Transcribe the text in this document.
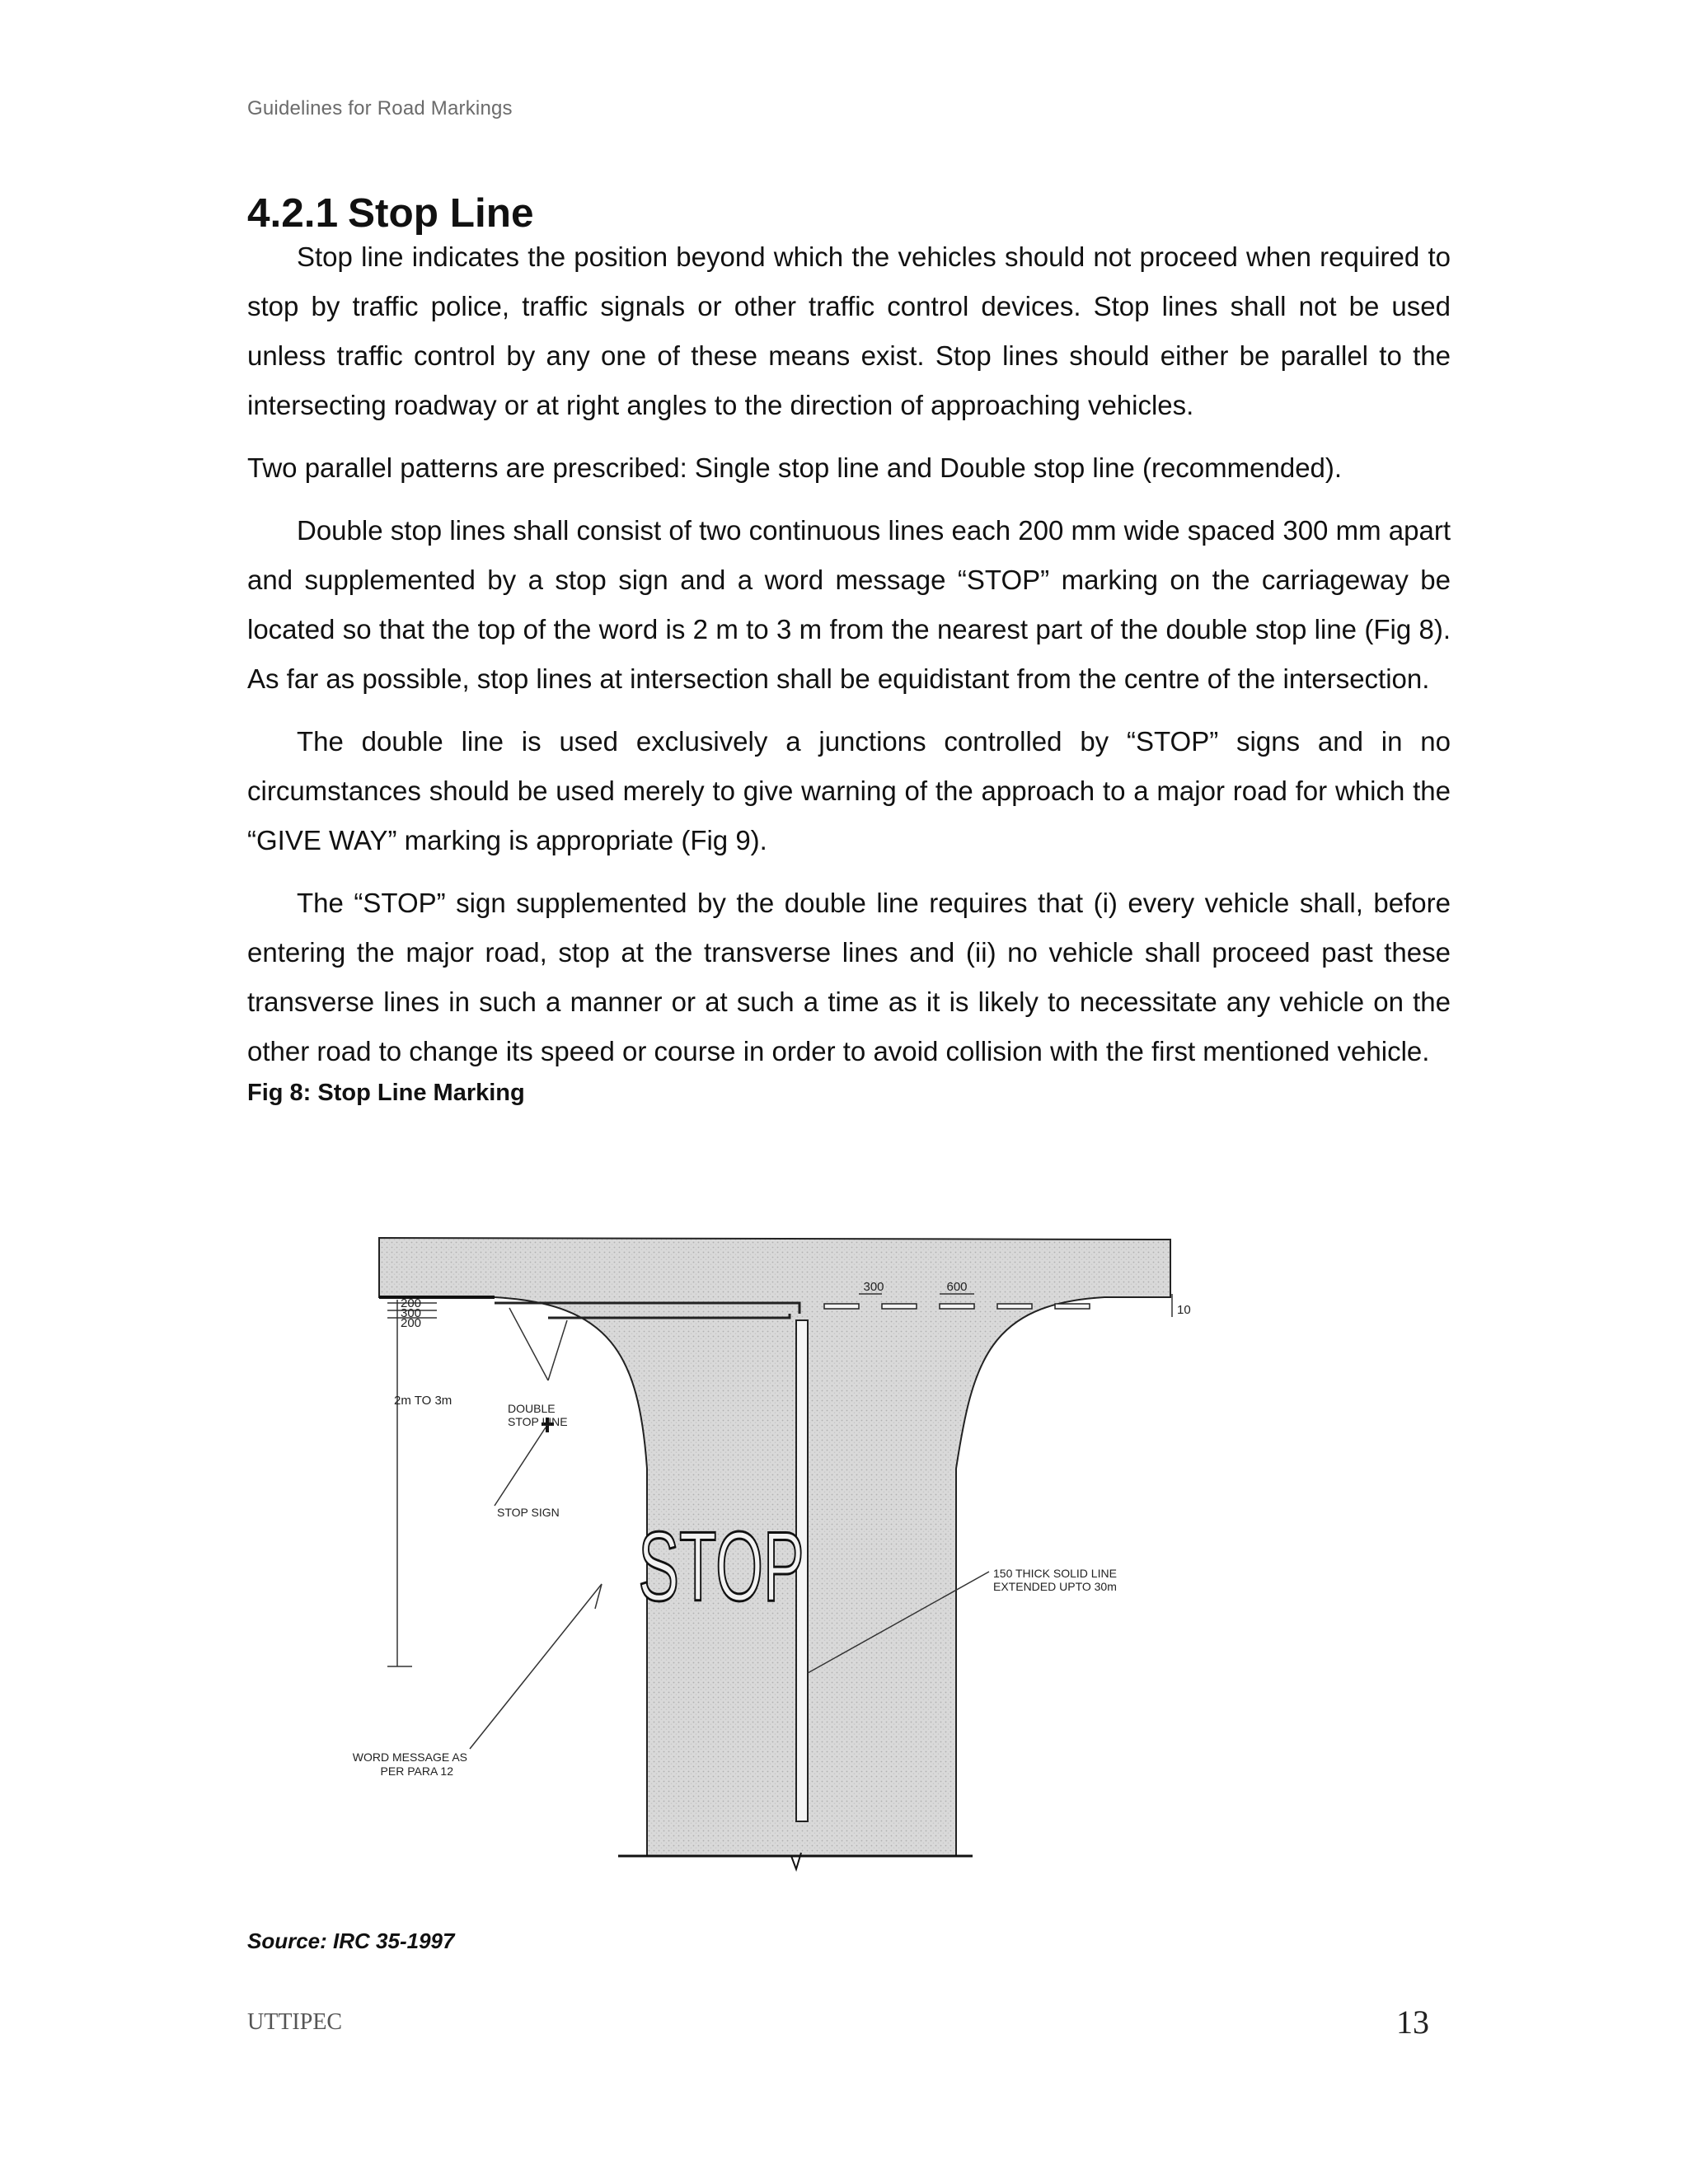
Guidelines for Road Markings
4.2.1 Stop Line

Stop line indicates the position beyond which the vehicles should not proceed when required to stop by traffic police, traffic signals or other traffic control devices. Stop lines shall not be used unless traffic control by any one of these means exist. Stop lines should either be parallel to the intersecting roadway or at right angles to the direction of approaching vehicles.

Two parallel patterns are prescribed: Single stop line and Double stop line (recommended).

Double stop lines shall consist of two continuous lines each 200 mm wide spaced 300 mm apart and supplemented by a stop sign and a word message “STOP” marking on the carriageway be located so that the top of the word is 2 m to 3 m from the nearest part of the double stop line (Fig 8). As far as possible, stop lines at intersection shall be equidistant from the centre of the intersection.

The double line is used exclusively a junctions controlled by “STOP” signs and in no circumstances should be used merely to give warning of the approach to a major road for which the “GIVE WAY” marking is appropriate (Fig 9).

The “STOP” sign supplemented by the double line requires that (i) every vehicle shall, before entering the major road, stop at the transverse lines and (ii) no vehicle shall proceed past these transverse lines in such a manner or at such a time as it is likely to necessitate any vehicle on the other road to change its speed or course in order to avoid collision with the first mentioned vehicle.

Fig 8: Stop Line Marking

STOP
200
300
200
300	600
10
2m TO 3m
DOUBLE
STOP LINE
STOP SIGN
150 THICK SOLID LINE
EXTENDED UPTO 30m
WORD MESSAGE AS
PER PARA 12
Source: IRC 35-1997
UTTIPEC	13
